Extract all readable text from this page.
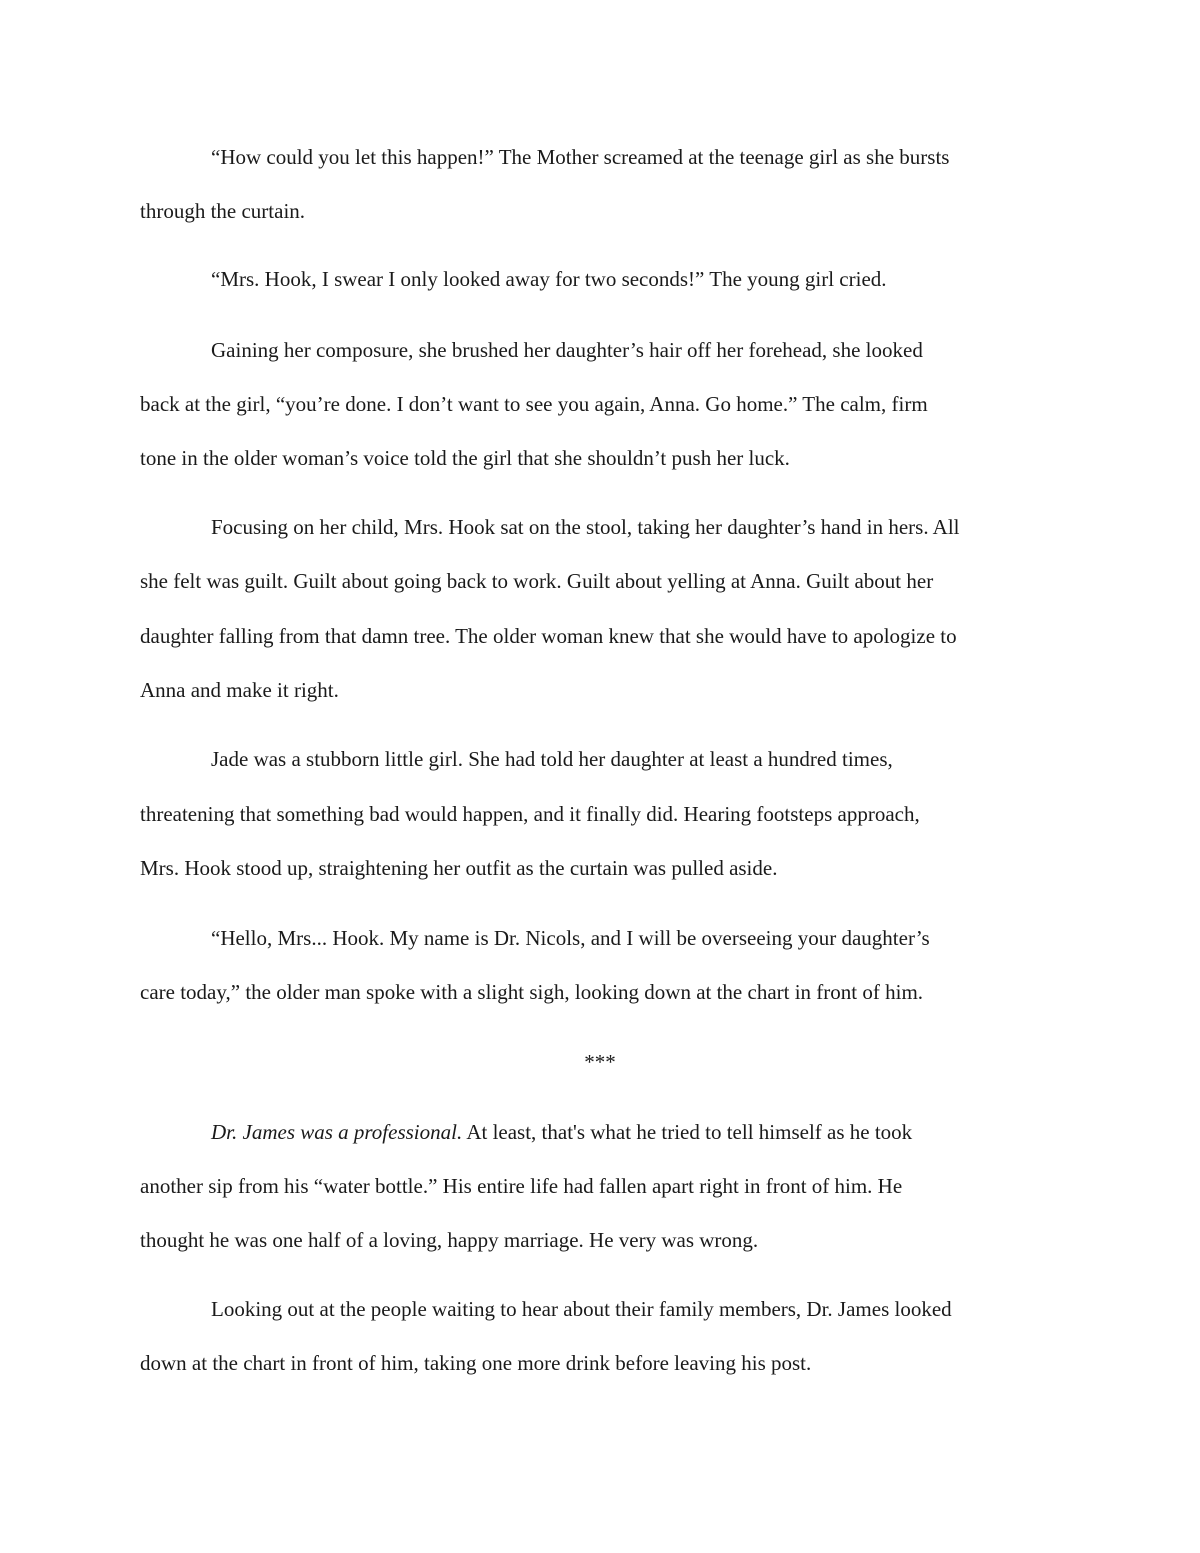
“How could you let this happen!” The Mother screamed at the teenage girl as she bursts

through the curtain.

“Mrs. Hook, I swear I only looked away for two seconds!” The young girl cried.

Gaining her composure, she brushed her daughter’s hair off her forehead, she looked

back at the girl, “you’re done. I don’t want to see you again, Anna. Go home.” The calm, firm

tone in the older woman’s voice told the girl that she shouldn’t push her luck.

Focusing on her child, Mrs. Hook sat on the stool, taking her daughter’s hand in hers. All

she felt was guilt. Guilt about going back to work. Guilt about yelling at Anna. Guilt about her

daughter falling from that damn tree. The older woman knew that she would have to apologize to

Anna and make it right.

Jade was a stubborn little girl. She had told her daughter at least a hundred times,

threatening that something bad would happen, and it finally did. Hearing footsteps approach,

Mrs. Hook stood up, straightening her outfit as the curtain was pulled aside.

“Hello, Mrs... Hook. My name is Dr. Nicols, and I will be overseeing your daughter’s

care today,” the older man spoke with a slight sigh, looking down at the chart in front of him.

***

Dr. James was a professional. At least, that's what he tried to tell himself as he took

another sip from his “water bottle.” His entire life had fallen apart right in front of him. He

thought he was one half of a loving, happy marriage. He very was wrong.

Looking out at the people waiting to hear about their family members, Dr. James looked

down at the chart in front of him, taking one more drink before leaving his post.
